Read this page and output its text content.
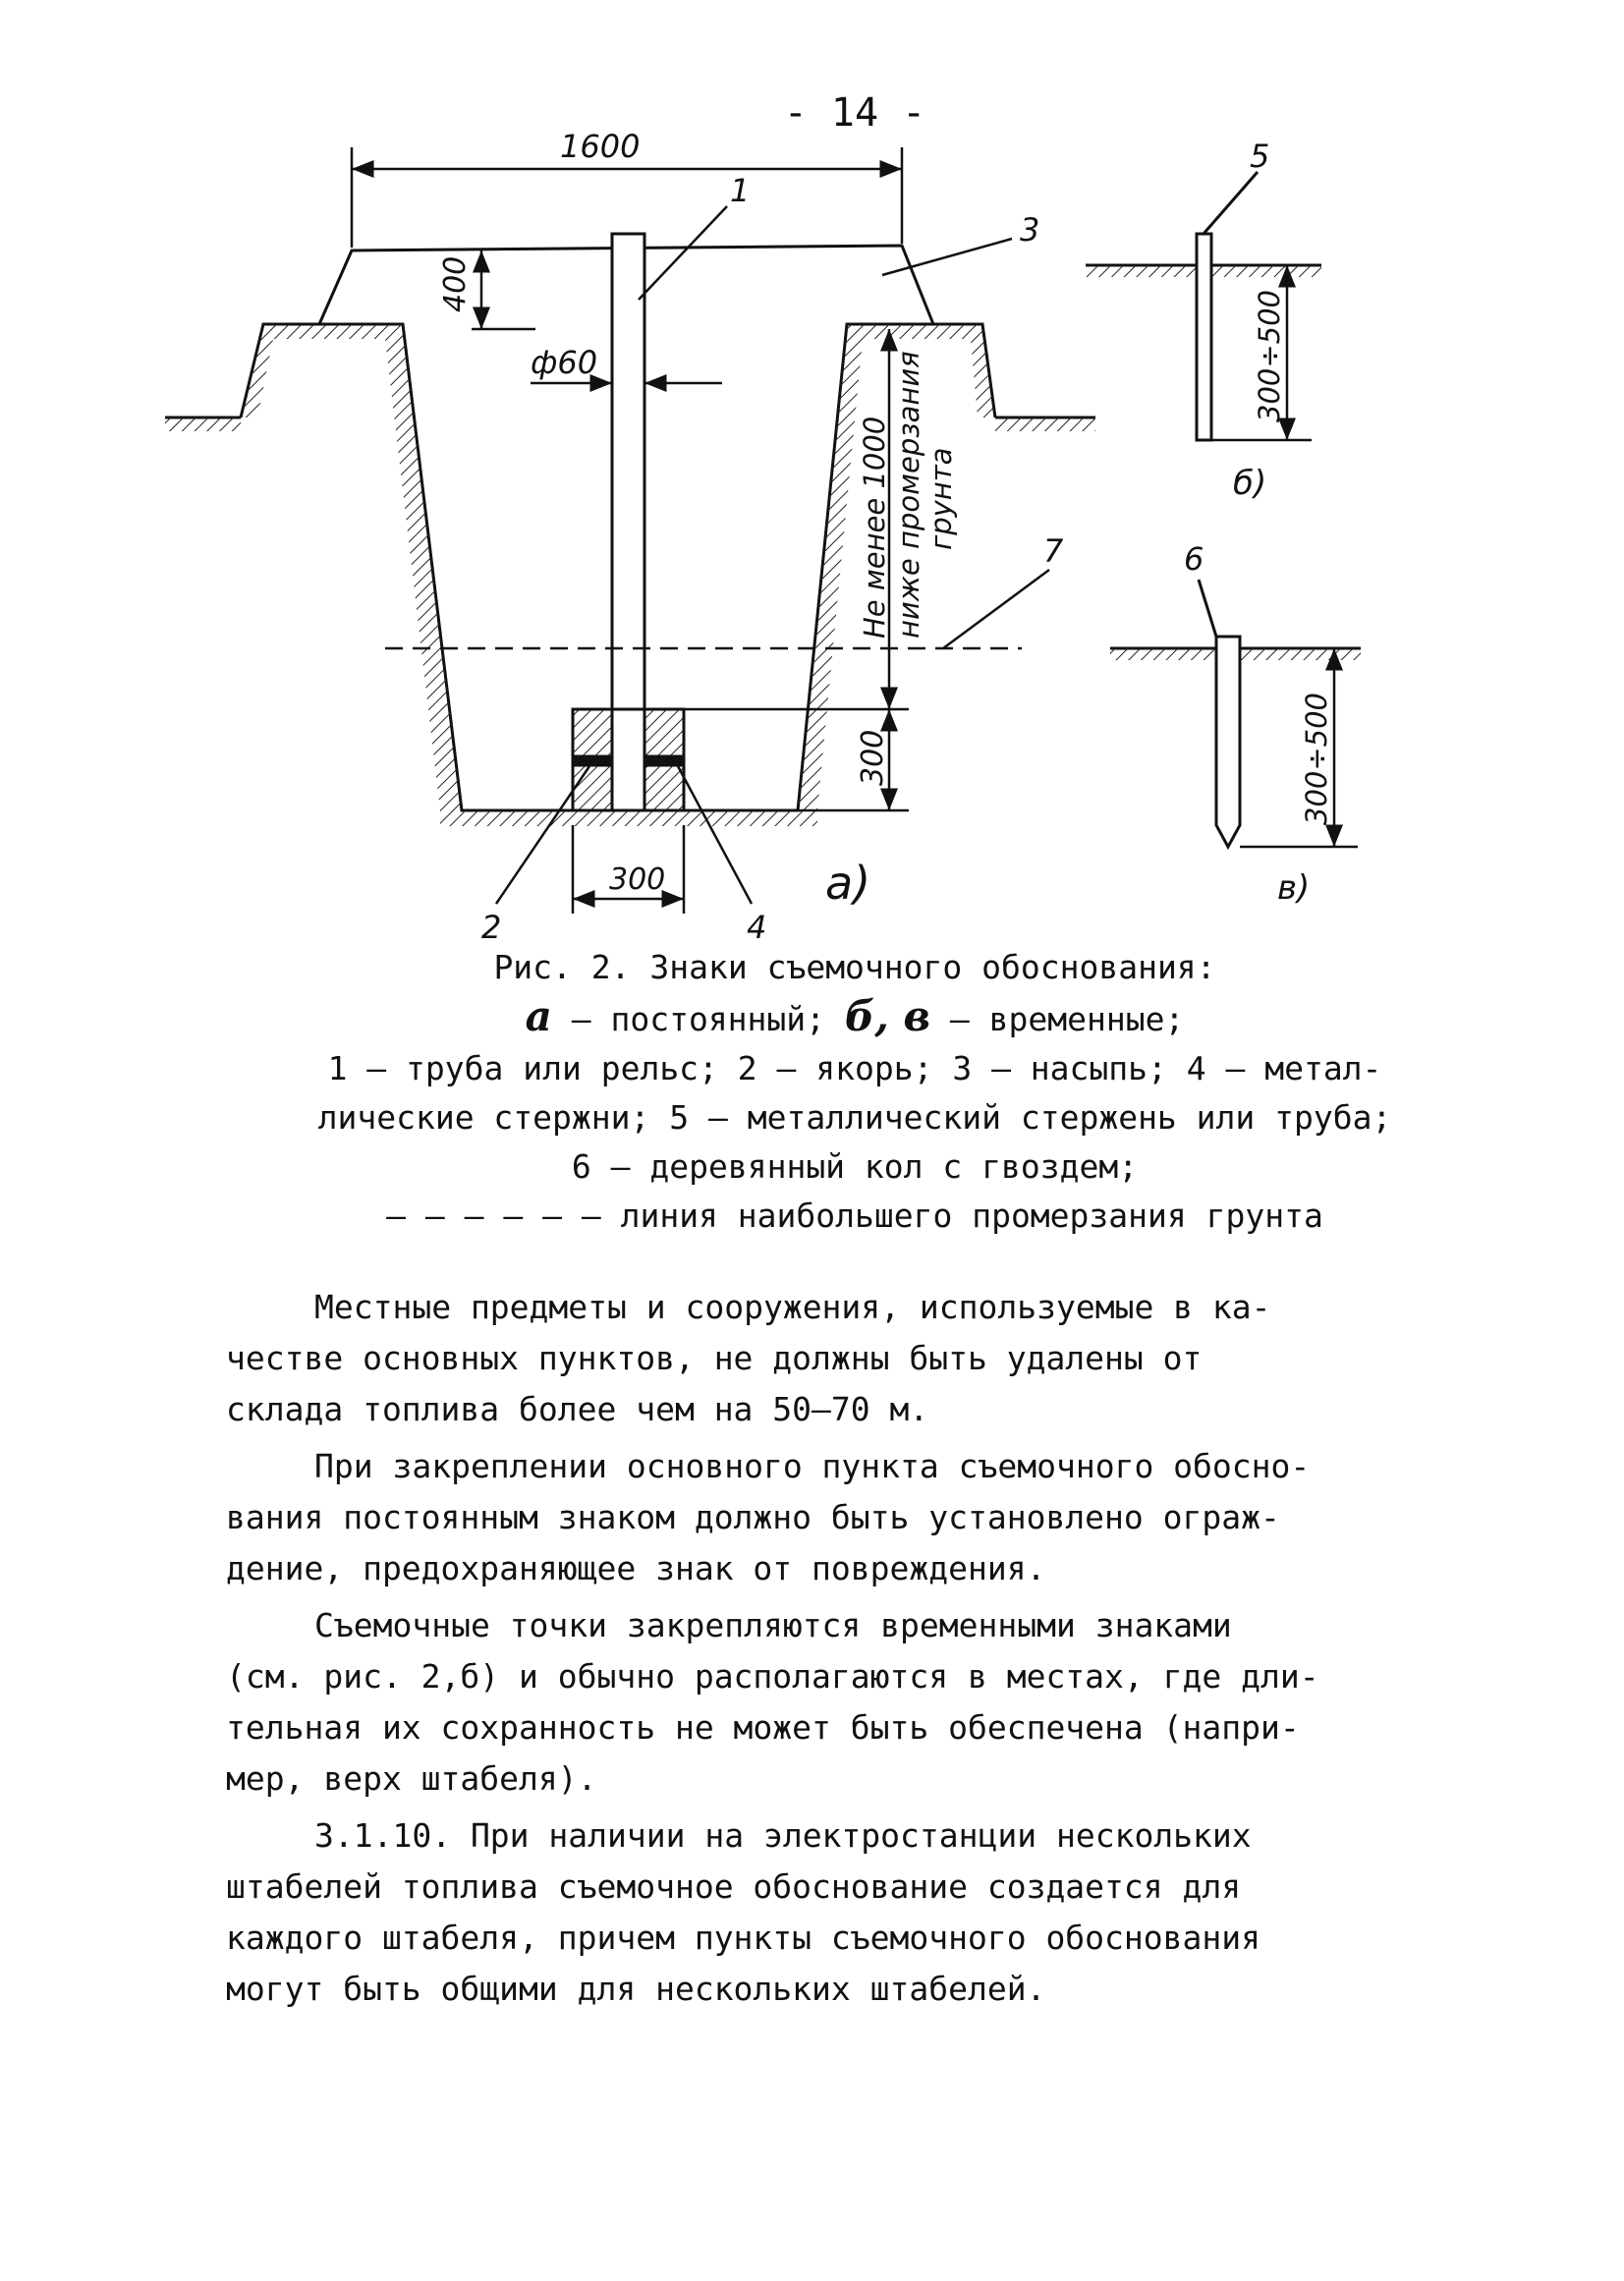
- 14 -
1600
400
ф60
300
300
Не менее 1000 ниже промерзания грунта
1
3
7
2	4
а)
5
300÷500
б)
6
300÷500
в)
Рис. 2. Знаки съемочного обоснования:
а – постоянный; б, в – временные;
1 – труба или рельс; 2 – якорь; 3 – насыпь; 4 – метал-
лические стержни; 5 – металлический стержень или труба;
6 – деревянный кол с гвоздем;
– – – – – – линия наибольшего промерзания грунта

Местные предметы и сооружения, используемые в ка-
честве основных пунктов, не должны быть удалены от
склада топлива более чем на 50–70 м.

При закреплении основного пункта съемочного обосно-
вания постоянным знаком должно быть установлено ограж-
дение, предохраняющее знак от повреждения.

Съемочные точки закрепляются временными знаками
(см. рис. 2,б) и обычно располагаются в местах, где дли-
тельная их сохранность не может быть обеспечена (напри-
мер, верх штабеля).

3.1.10. При наличии на электростанции нескольких
штабелей топлива съемочное обоснование создается для
каждого штабеля, причем пункты съемочного обоснования
могут быть общими для нескольких штабелей.
